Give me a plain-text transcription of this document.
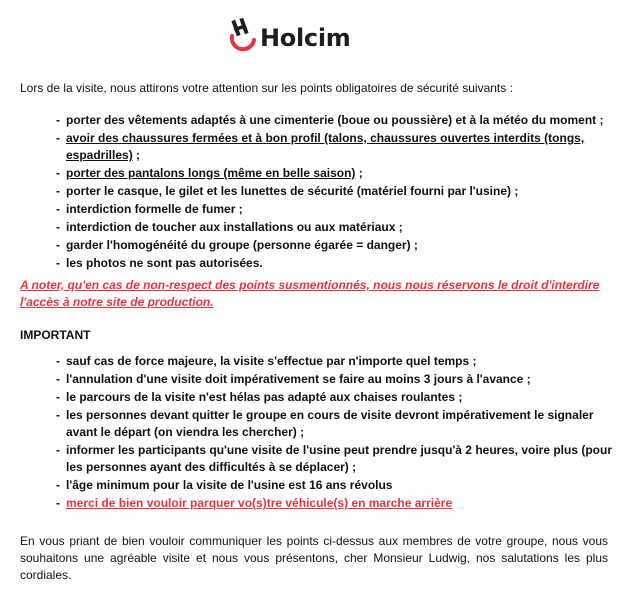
Holcim
Lors de la visite, nous attirons votre attention sur les points obligatoires de sécurité suivants :
- porter des vêtements adaptés à une cimenterie (boue ou poussière) et à la météo du moment ;
- avoir des chaussures fermées et à bon profil (talons, chaussures ouvertes interdits (tongs, espadrilles) ;
- porter des pantalons longs (même en belle saison) ;
- porter le casque, le gilet et les lunettes de sécurité (matériel fourni par l'usine) ;
- interdiction formelle de fumer ;
- interdiction de toucher aux installations ou aux matériaux ;
- garder l'homogénéité du groupe (personne égarée = danger) ;
- les photos ne sont pas autorisées.
A noter, qu'en cas de non-respect des points susmentionnés, nous nous réservons le droit d'interdire l'accès à notre site de production.
IMPORTANT
- sauf cas de force majeure, la visite s'effectue par n'importe quel temps ;
- l'annulation d'une visite doit impérativement se faire au moins 3 jours à l'avance ;
- le parcours de la visite n'est hélas pas adapté aux chaises roulantes ;
- les personnes devant quitter le groupe en cours de visite devront impérativement le signaler avant le départ (on viendra les chercher) ;
- informer les participants qu'une visite de l'usine peut prendre jusqu'à 2 heures, voire plus (pour les personnes ayant des difficultés à se déplacer) ;
- l'âge minimum pour la visite de l'usine est 16 ans révolus
- merci de bien vouloir parquer vo(s)tre véhicule(s) en marche arrière
En vous priant de bien vouloir communiquer les points ci-dessus aux membres de votre groupe, nous vous souhaitons une agréable visite et nous vous présentons, cher Monsieur Ludwig, nos salutations les plus cordiales.
